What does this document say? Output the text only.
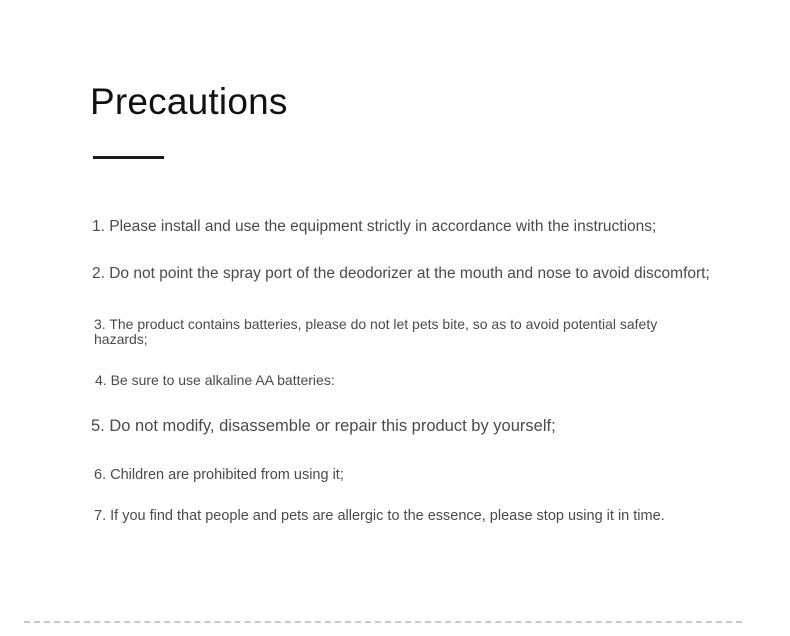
Precautions

1. Please install and use the equipment strictly in accordance with the instructions;

2. Do not point the spray port of the deodorizer at the mouth and nose to avoid discomfort;

3. The product contains batteries, please do not let pets bite, so as to avoid potential safety hazards;

4. Be sure to use alkaline AA batteries:

5. Do not modify, disassemble or repair this product by yourself;

6. Children are prohibited from using it;

7. If you find that people and pets are allergic to the essence, please stop using it in time.
